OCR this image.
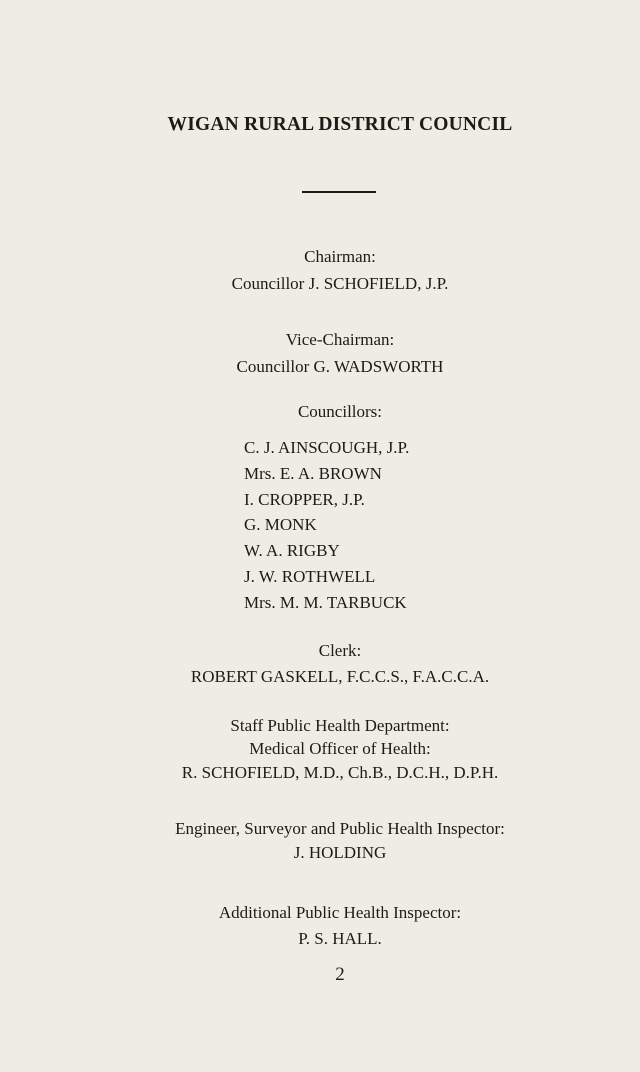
WIGAN RURAL DISTRICT COUNCIL
Chairman:
Councillor J. SCHOFIELD, J.P.
Vice-Chairman:
Councillor G. WADSWORTH
Councillors:
C. J. AINSCOUGH, J.P.
Mrs. E. A. BROWN
I. CROPPER, J.P.
G. MONK
W. A. RIGBY
J. W. ROTHWELL
Mrs. M. M. TARBUCK
Clerk:
ROBERT GASKELL, F.C.C.S., F.A.C.C.A.
Staff Public Health Department:
Medical Officer of Health:
R. SCHOFIELD, M.D., Ch.B., D.C.H., D.P.H.
Engineer, Surveyor and Public Health Inspector:
J. HOLDING
Additional Public Health Inspector:
P. S. HALL.
2
